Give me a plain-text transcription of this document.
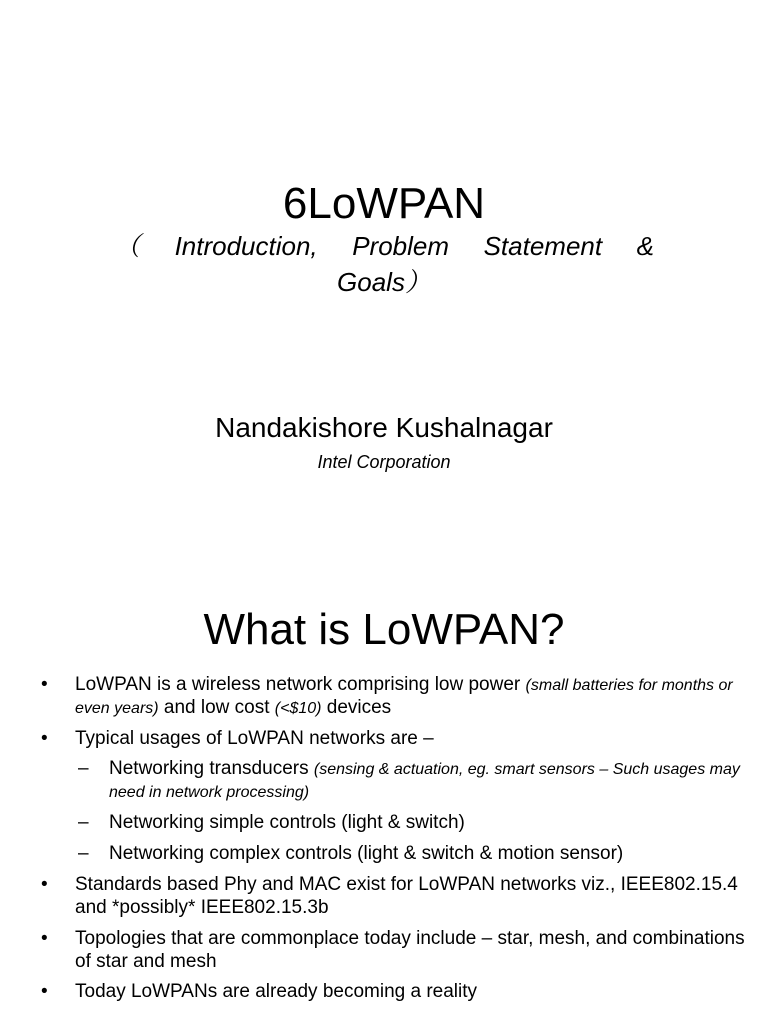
6LoWPAN
（ Introduction, Problem Statement &
Goals）
Nandakishore Kushalnagar
Intel Corporation
What is LoWPAN?
• LoWPAN is a wireless network comprising low power (small batteries for months or even years) and low cost (<$10) devices
• Typical usages of LoWPAN networks are –
– Networking transducers (sensing & actuation, eg. smart sensors – Such usages may need in network processing)
– Networking simple controls (light & switch)
– Networking complex controls (light & switch & motion sensor)
• Standards based Phy and MAC exist for LoWPAN networks viz., IEEE802.15.4 and *possibly* IEEE802.15.3b
• Topologies that are commonplace today include – star, mesh, and combinations of star and mesh
• Today LoWPANs are already becoming a reality
